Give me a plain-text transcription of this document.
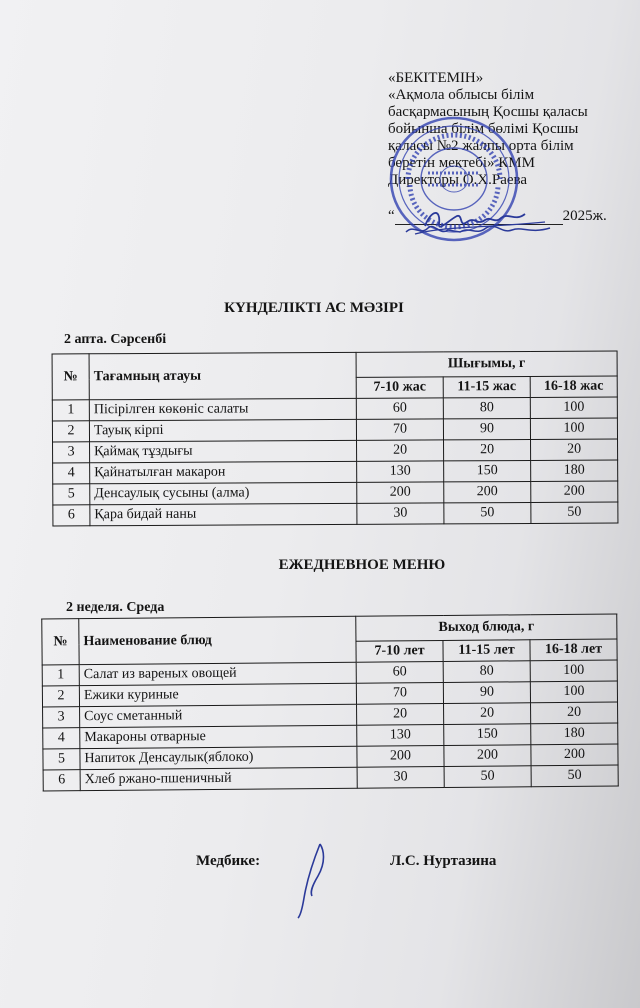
«БЕКІТЕМІН»
«Ақмола облысы білім
басқармасының Қосшы қаласы
бойынша білім бөлімі Қосшы
қаласы №2 жалпы орта білім
беретін мектебі» КММ
Директоры О.Х.Раева
“	2025ж.
КҮНДЕЛІКТІ АС МӘЗІРІ
2 апта. Сәрсенбі
№	Тағамның атауы	Шығымы, г		
		7-10 жас	11-15 жас	16-18 жас
1	Пісірілген көкөніс салаты	60	80	100
2	Тауық кірпі	70	90	100
3	Қаймақ тұздығы	20	20	20
4	Қайнатылған макарон	130	150	180
5	Денсаулық сусыны (алма)	200	200	200
6	Қара бидай наны	30	50	50
ЕЖЕДНЕВНОЕ МЕНЮ
2 неделя. Среда
№	Наименование блюд	Выход блюда, г		
		7-10 лет	11-15 лет	16-18 лет
1	Салат из вареных овощей	60	80	100
2	Ежики куриные	70	90	100
3	Соус сметанный	20	20	20
4	Макароны отварные	130	150	180
5	Напиток Денсаулык(яблоко)	200	200	200
6	Хлеб ржано-пшеничный	30	50	50
Медбике:	Л.С. Нуртазина
